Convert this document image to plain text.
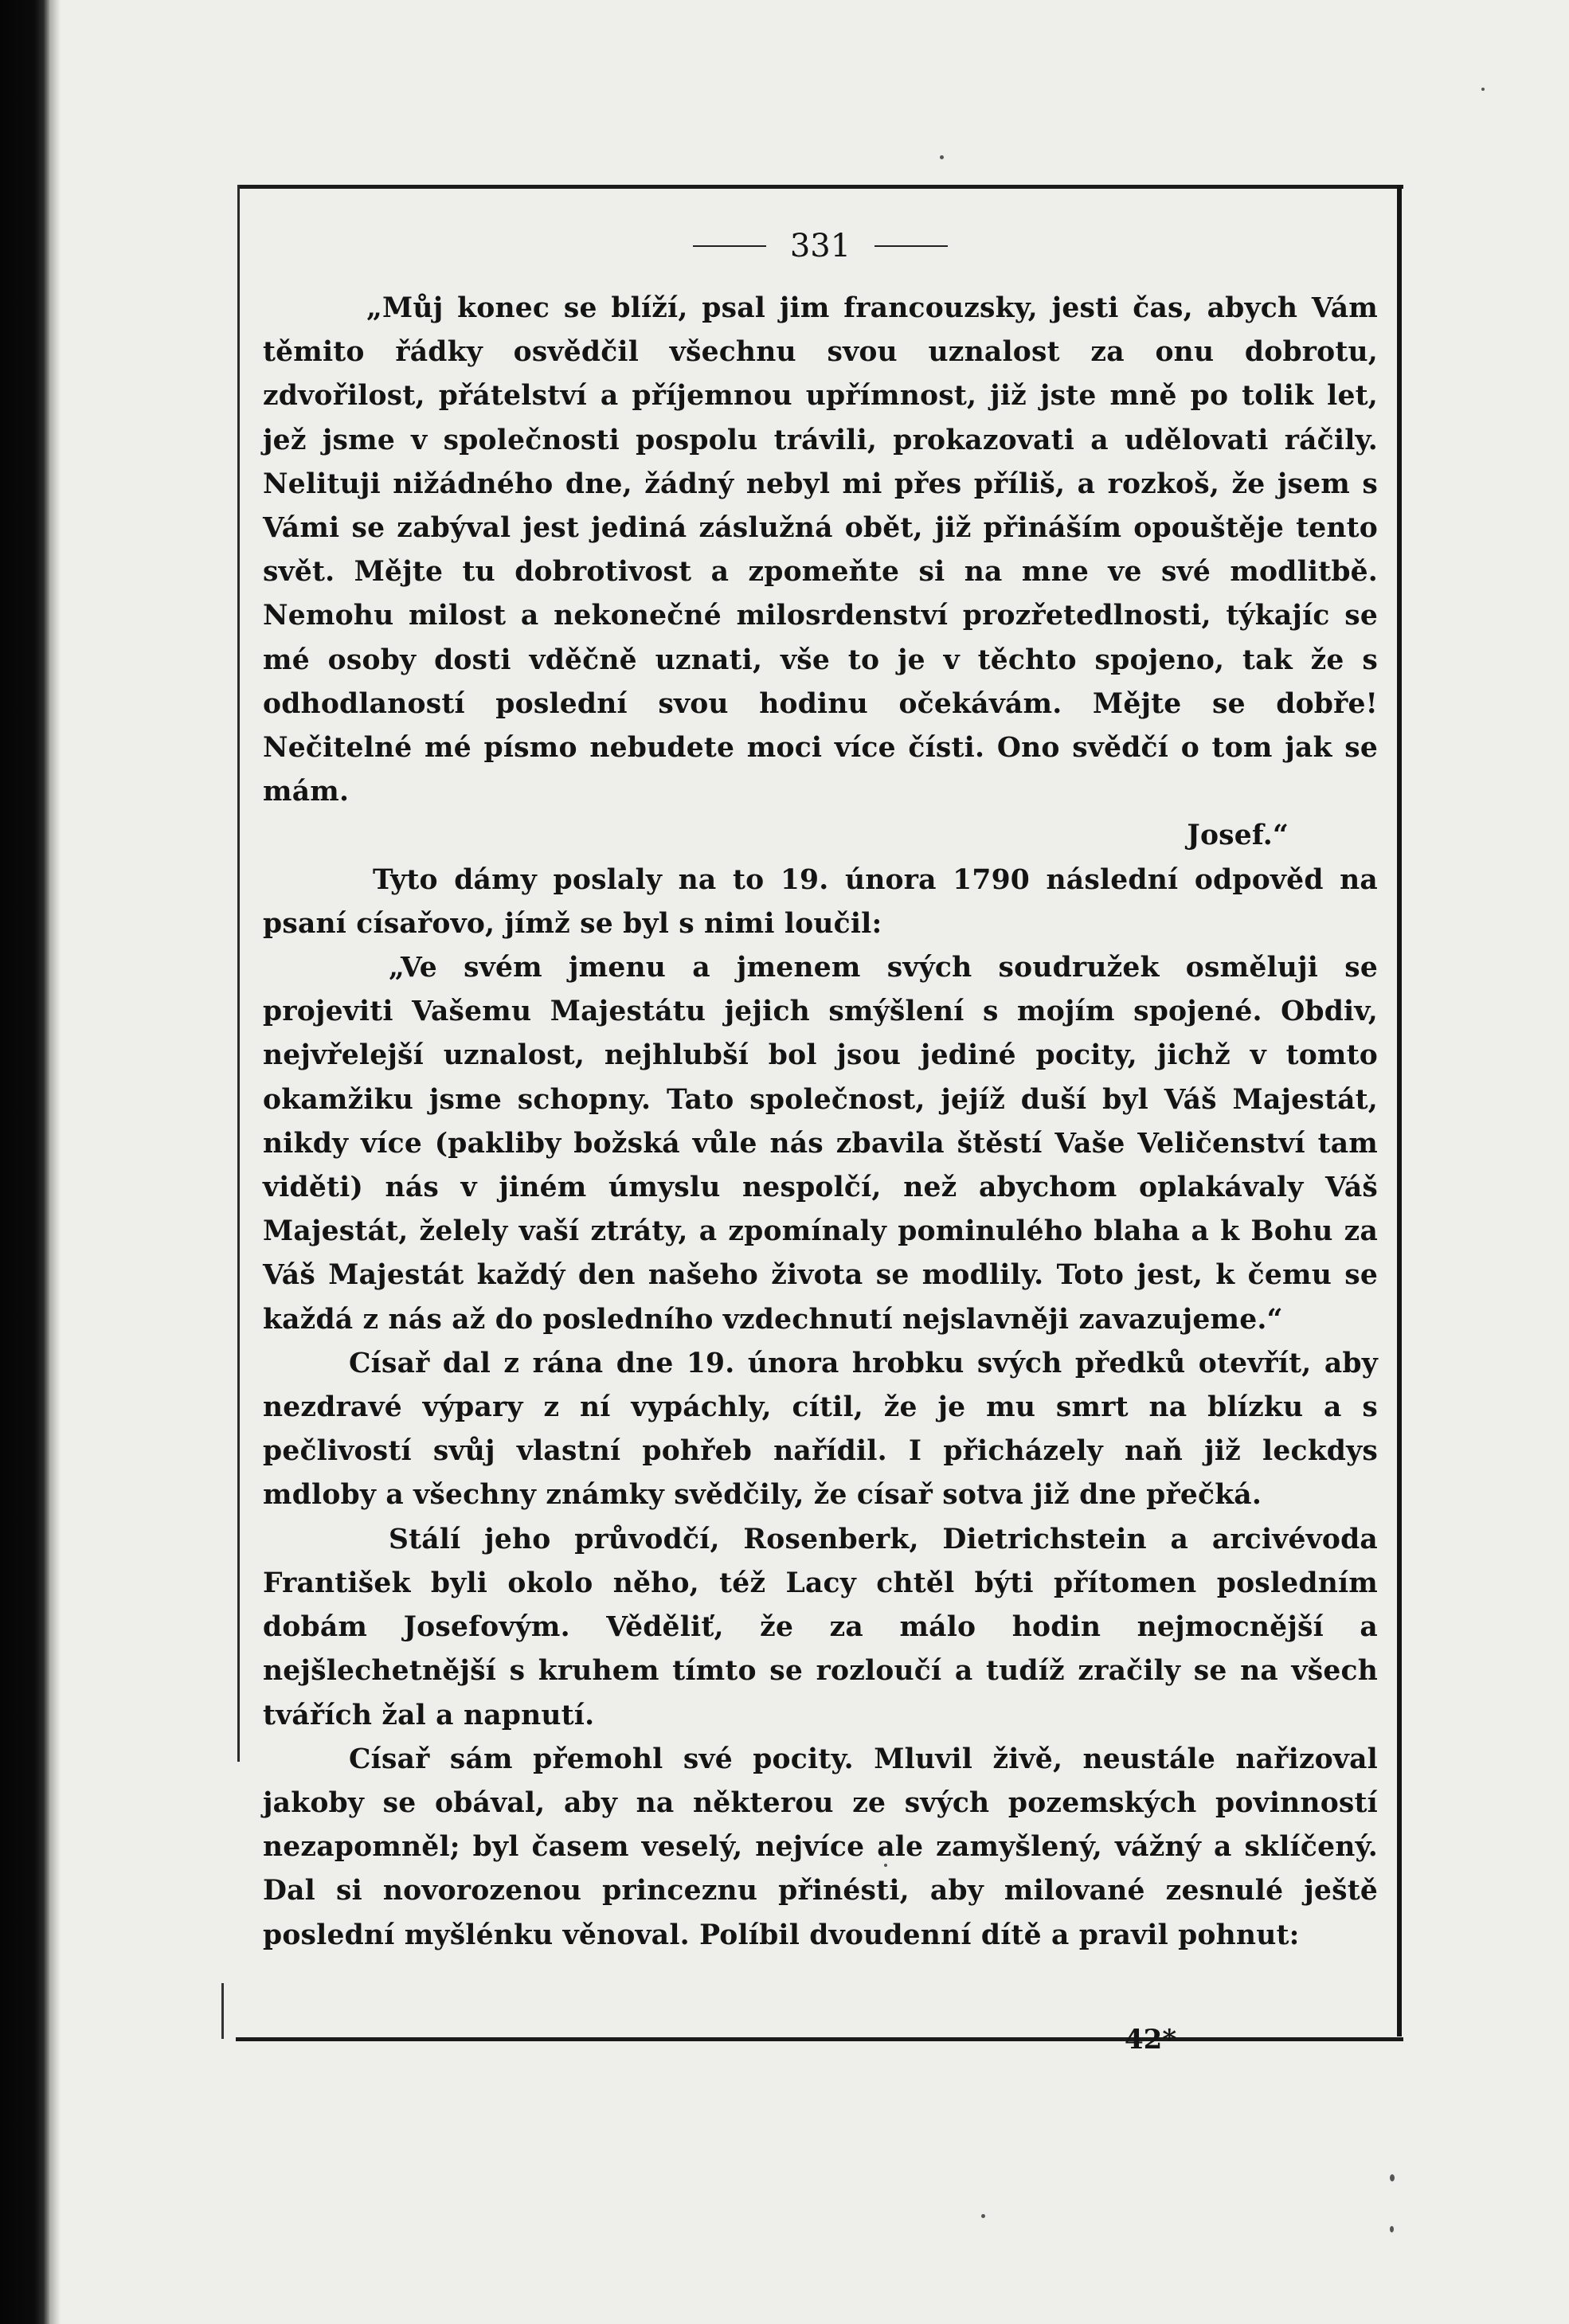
331

„Můj konec se blíží, psal jim francouzsky, jesti čas, abych Vám těmito řádky osvědčil všechnu svou uznalost za onu dobrotu, zdvořilost, přátelství a příjemnou upřímnost, již jste mně po tolik let, jež jsme v společnosti pospolu trávili, prokazovati a udělovati ráčily. Nelituji nižádného dne, žádný nebyl mi přes příliš, a rozkoš, že jsem s Vámi se zabýval jest jediná záslužná obět, již přináším opouštěje tento svět. Mějte tu dobrotivost a zpomeňte si na mne ve své modlitbě. Nemohu milost a nekonečné milosrdenství prozřetedlnosti, týkajíc se mé osoby dosti vděčně uznati, vše to je v těchto spojeno, tak že s odhodlaností poslední svou hodinu očekávám. Mějte se dobře! Nečitelné mé písmo nebudete moci více čísti. Ono svědčí o tom jak se mám.

Josef.“

Tyto dámy poslaly na to 19. února 1790 následní odpověd na psaní císařovo, jímž se byl s nimi loučil:

„Ve svém jmenu a jmenem svých soudružek osměluji se projeviti Vašemu Majestátu jejich smýšlení s mojím spojené. Obdiv, nejvřelejší uznalost, nejhlubší bol jsou jediné pocity, jichž v tomto okamžiku jsme schopny. Tato společnost, jejíž duší byl Váš Majestát, nikdy více (pakliby božská vůle nás zbavila štěstí Vaše Veličenství tam viděti) nás v jiném úmyslu nespolčí, než abychom oplakávaly Váš Majestát, želely vaší ztráty, a zpomínaly pominulého blaha a k Bohu za Váš Majestát každý den našeho života se modlily. Toto jest, k čemu se každá z nás až do posledního vzdechnutí nejslavněji zavazujeme.“

Císař dal z rána dne 19. února hrobku svých předků otevřít, aby nezdravé výpary z ní vypáchly, cítil, že je mu smrt na blízku a s pečlivostí svůj vlastní pohřeb nařídil. I přicházely naň již leckdys mdloby a všechny známky svědčily, že císař sotva již dne přečká.

Stálí jeho průvodčí, Rosenberk, Dietrichstein a arcivévoda František byli okolo něho, též Lacy chtěl býti přítomen posledním dobám Josefovým. Věděliť, že za málo hodin nejmocnější a nejšlechetnější s kruhem tímto se rozloučí a tudíž zračily se na všech tvářích žal a napnutí.

Císař sám přemohl své pocity. Mluvil živě, neustále nařizoval jakoby se obával, aby na některou ze svých pozemských povinností nezapomněl; byl časem veselý, nejvíce ale zamyšlený, vážný a sklíčený. Dal si novorozenou princeznu přinésti, aby milované zesnulé ještě poslední myšlénku věnoval. Políbil dvoudenní dítě a pravil pohnut:

42*
